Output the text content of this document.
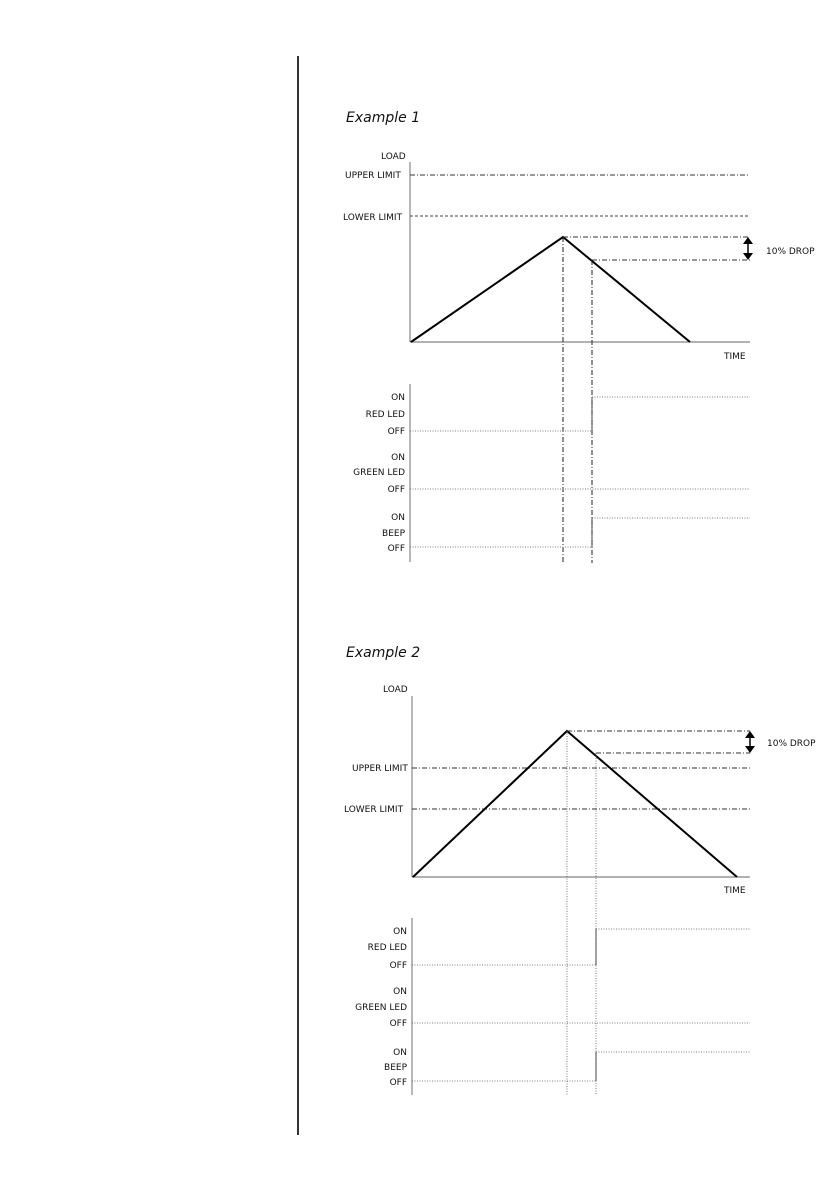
Example 1
LOAD
TIME
UPPER LIMIT
LOWER LIMIT
10% DROP
ON
RED LED
OFF
ON
GREEN LED
OFF
ON
BEEP
OFF
Example 2
LOAD
TIME
UPPER LIMIT
LOWER LIMIT
10% DROP
ON
RED LED
OFF
ON
GREEN LED
OFF
ON
BEEP
OFF
